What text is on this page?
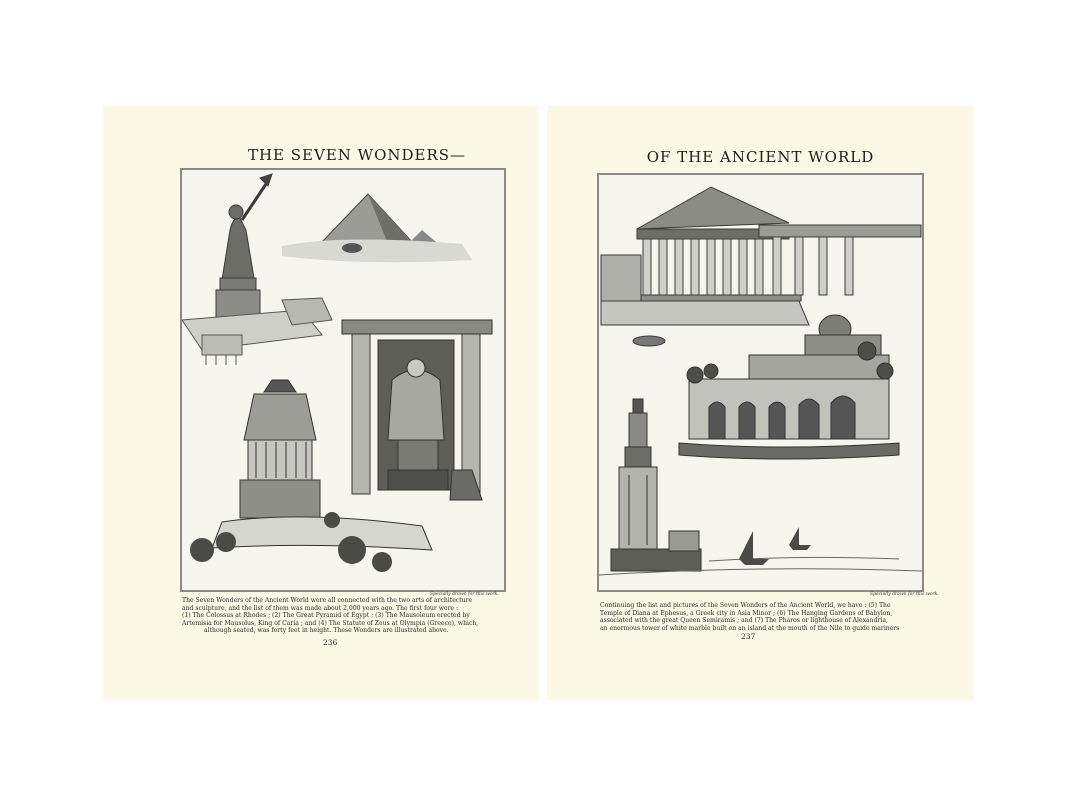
THE SEVEN WONDERS—
Specially drawn for this work.
The Seven Wonders of the Ancient World were all connected with the two arts of architecture
and sculpture, and the list of them was made about 2,000 years ago. The first four were :
(1) The Colossus at Rhodes ; (2) The Great Pyramid of Egypt ; (3) The Mausoleum erected by
Artemisia for Mausolus, King of Caria ; and (4) The Statute of Zeus at Olympia (Greece), which,
although seated, was forty feet in height. These Wonders are illustrated above.
236
OF THE ANCIENT WORLD
Specially drawn for this work.
Continuing the list and pictures of the Seven Wonders of the Ancient World, we have : (5) The
Temple of Diana at Ephesus, a Greek city in Asia Minor ; (6) The Hanging Gardens of Babylon,
associated with the great Queen Semiramis ; and (7) The Pharos or lighthouse of Alexandria,
an enormous tower of white marble built on an island at the mouth of the Nile to guide mariners
237
